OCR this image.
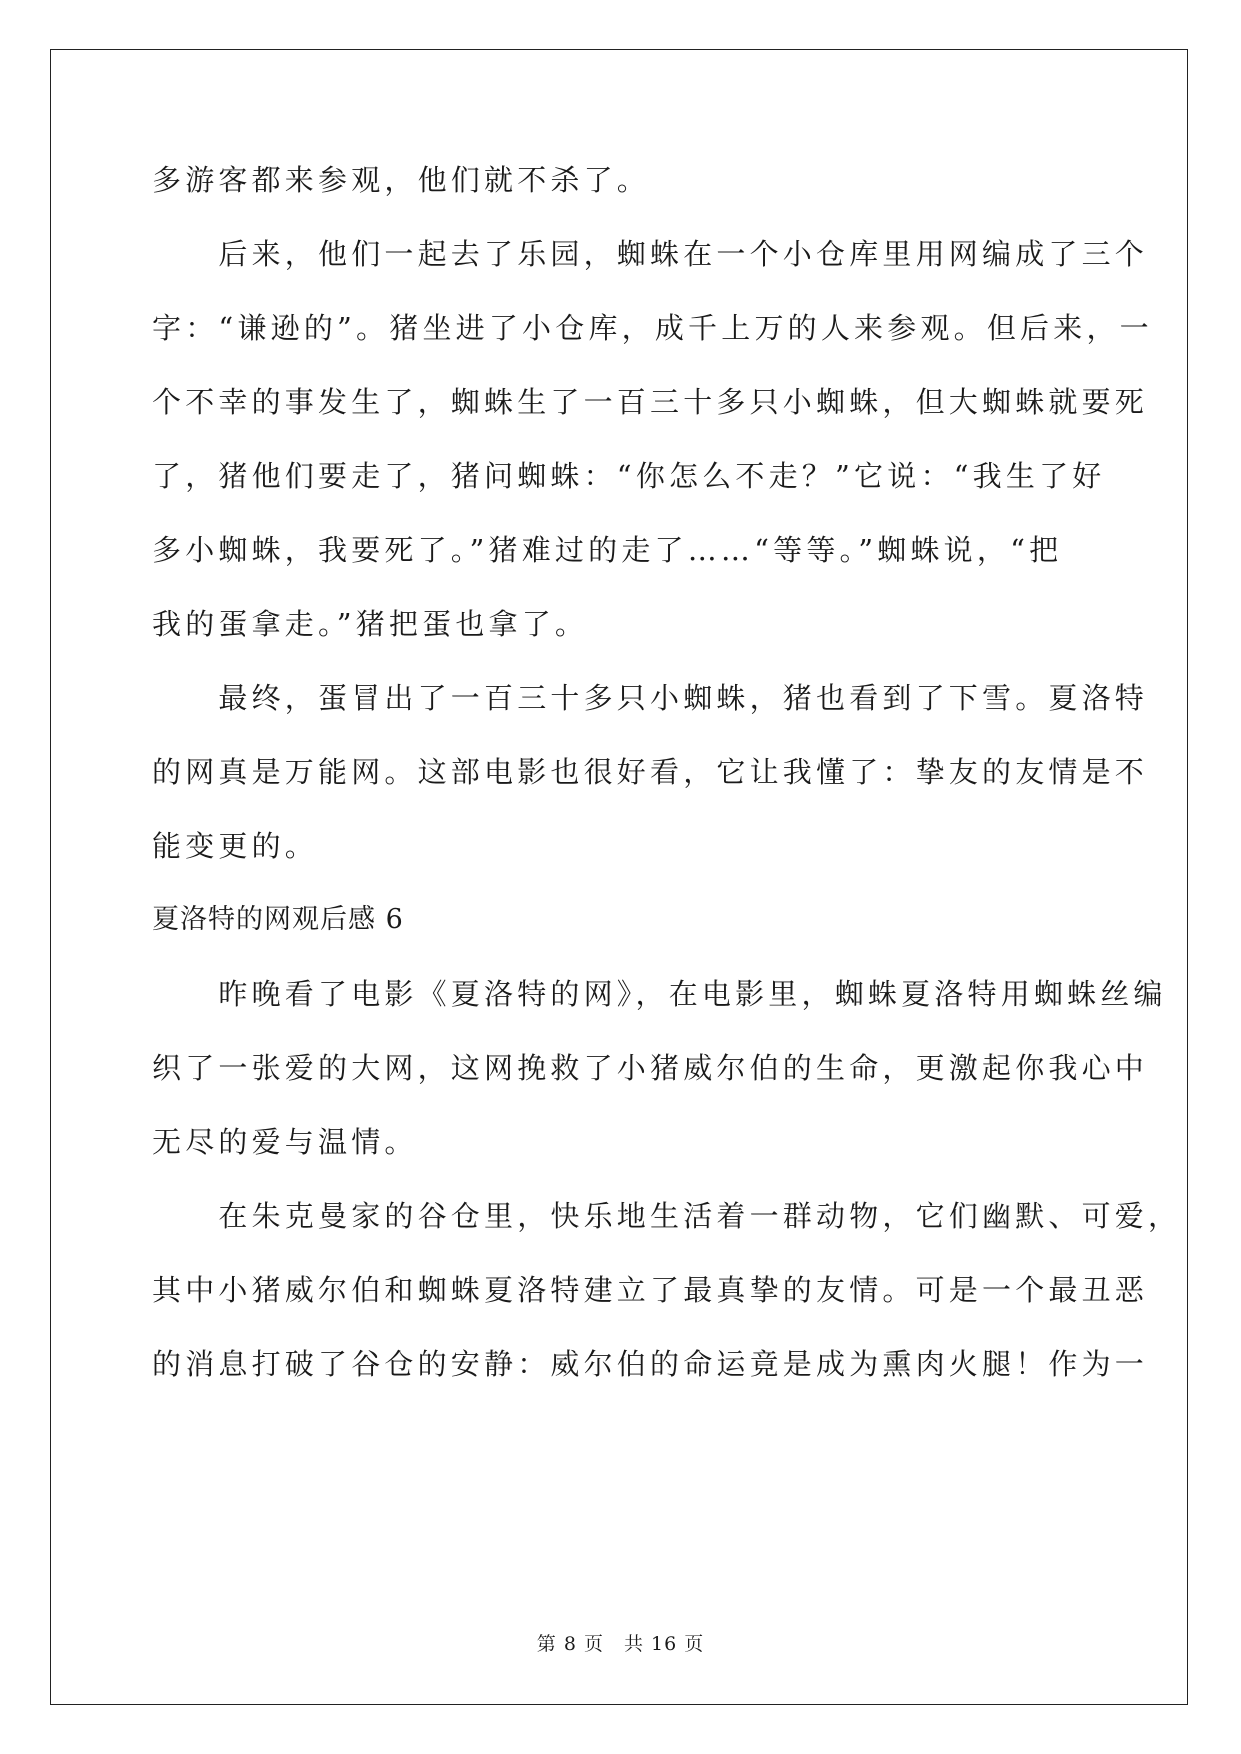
多游客都来参观，他们就不杀了。
　　后来，他们一起去了乐园，蜘蛛在一个小仓库里用网编成了三个
字：“谦逊的”。猪坐进了小仓库，成千上万的人来参观。但后来，一
个不幸的事发生了，蜘蛛生了一百三十多只小蜘蛛，但大蜘蛛就要死
了，猪他们要走了，猪问蜘蛛：“你怎么不走？”它说：“我生了好
多小蜘蛛，我要死了。”猪难过的走了……“等等。”蜘蛛说，“把
我的蛋拿走。”猪把蛋也拿了。
　　最终，蛋冒出了一百三十多只小蜘蛛，猪也看到了下雪。夏洛特
的网真是万能网。这部电影也很好看，它让我懂了：挚友的友情是不
能变更的。
夏洛特的网观后感 6
　　昨晚看了电影《夏洛特的网》，在电影里，蜘蛛夏洛特用蜘蛛丝编
织了一张爱的大网，这网挽救了小猪威尔伯的生命，更激起你我心中
无尽的爱与温情。
　　在朱克曼家的谷仓里，快乐地生活着一群动物，它们幽默、可爱，
其中小猪威尔伯和蜘蛛夏洛特建立了最真挚的友情。可是一个最丑恶
的消息打破了谷仓的安静：威尔伯的命运竟是成为熏肉火腿！作为一
第 8 页　共 16 页
